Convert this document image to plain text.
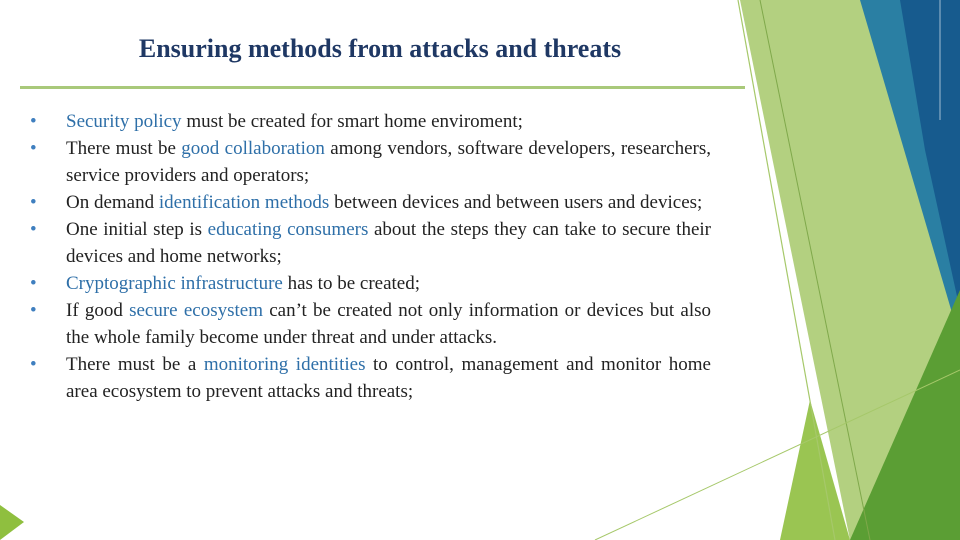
Ensuring methods from attacks and threats
•	Security policy must be created for smart home enviroment;
•	There must be good collaboration among vendors, software developers, researchers, service providers and operators;
•	On demand identification methods between devices and between users and devices;
•	One initial step is educating consumers about the steps they can take to secure their devices and home networks;
•	Cryptographic infrastructure has to be created;
•	If good secure ecosystem can’t be created not only information or devices but also the whole family become under threat and under attacks.
•	There must be a monitoring identities to control, management and monitor home area ecosystem to prevent attacks and threats;
